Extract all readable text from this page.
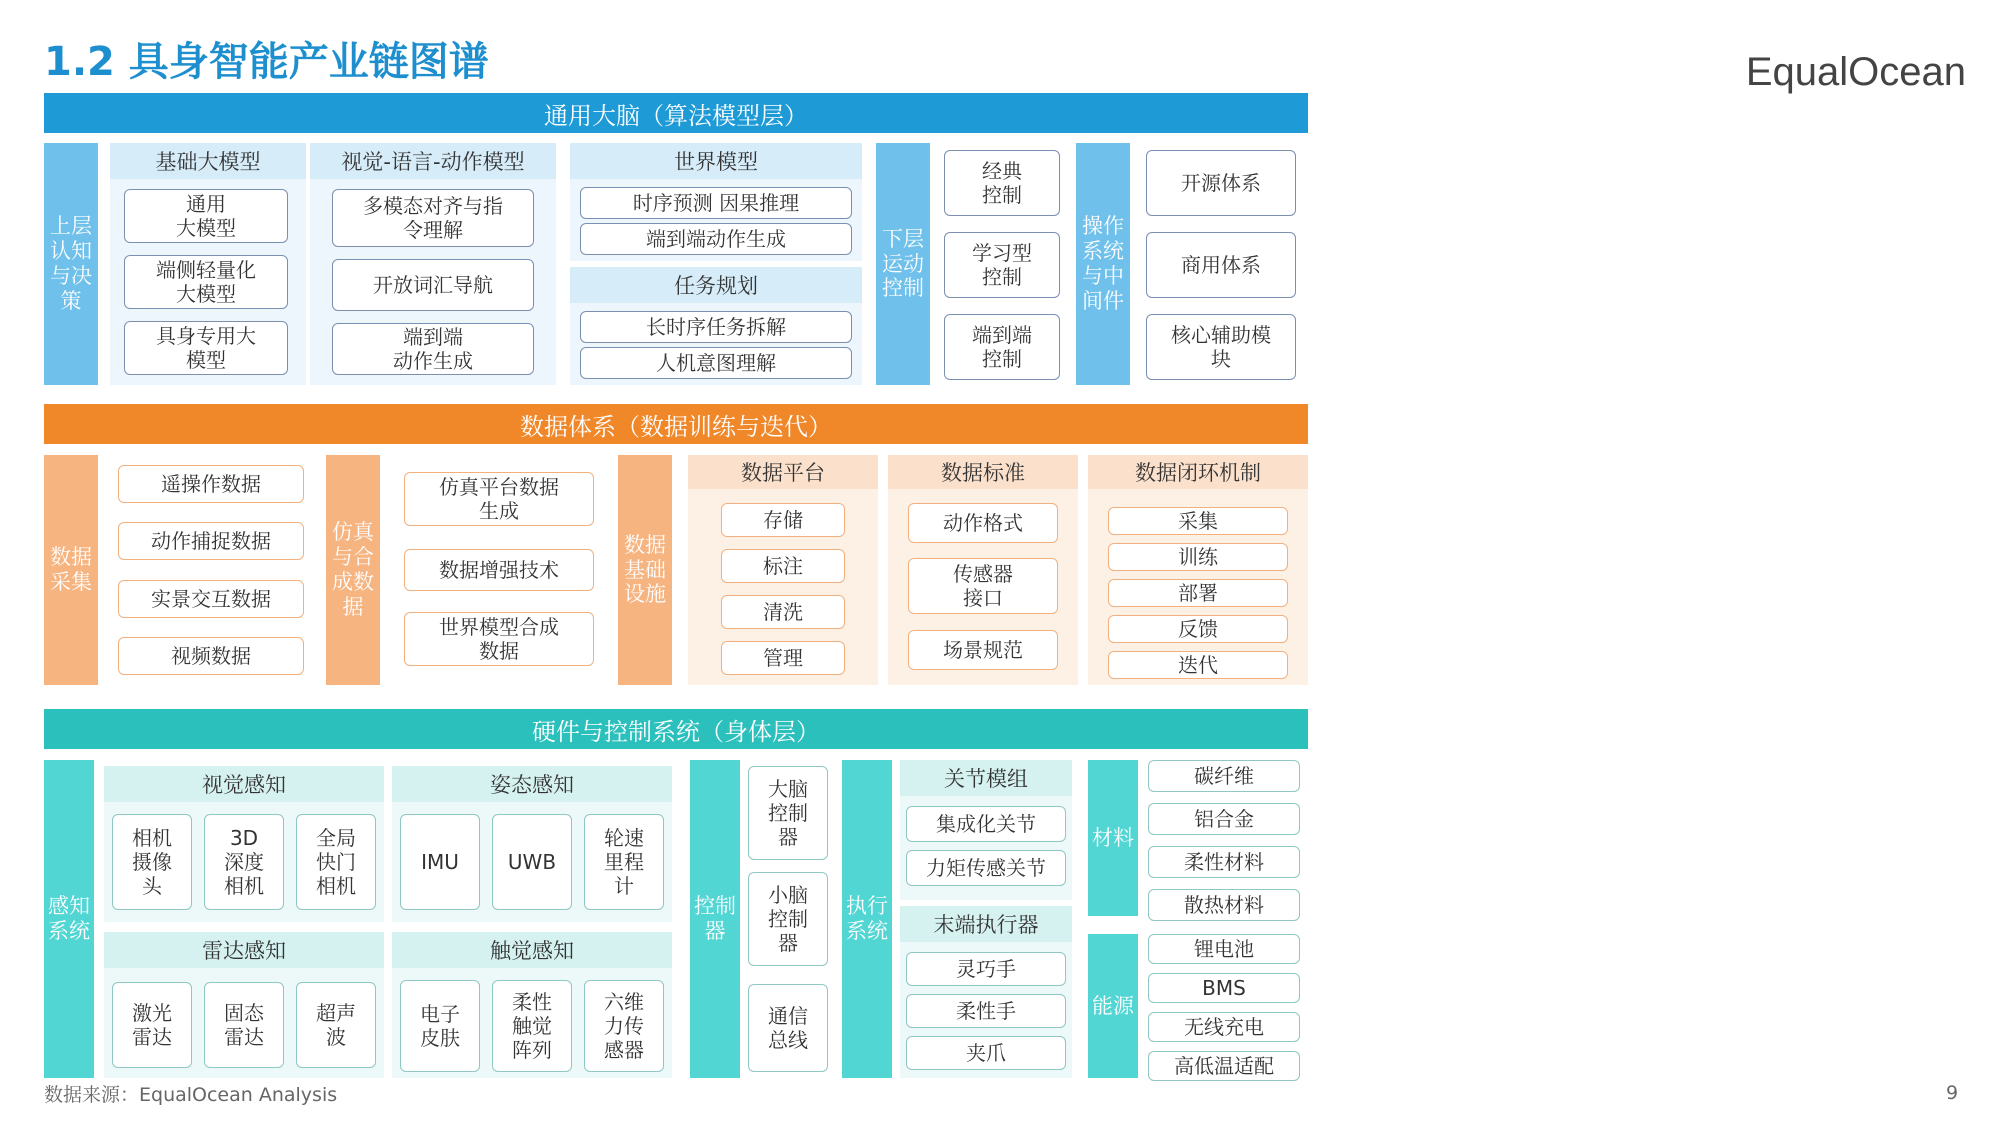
1.2 具身智能产业链图谱	EqualOcean
数据来源：EqualOcean Analysis	9
通用大脑（算法模型层）
上层认知与决策
基础大模型
通用
大模型
端侧轻量化
大模型
具身专用大
模型
视觉-语言-动作模型
多模态对齐与指
令理解
开放词汇导航
端到端
动作生成
世界模型
时序预测 因果推理
端到端动作生成
任务规划
长时序任务拆解
人机意图理解
下层运动控制
经典
控制
学习型
控制
端到端
控制
操作系统与中间件
开源体系
商用体系
核心辅助模
块
数据体系（数据训练与迭代）
数据采集
遥操作数据
动作捕捉数据
实景交互数据
视频数据
仿真与合成数据
仿真平台数据
生成
数据增强技术
世界模型合成
数据
数据基础设施
数据平台
存储
标注
清洗
管理
数据标准
动作格式
传感器
接口
场景规范
数据闭环机制
采集
训练
部署
反馈
迭代
硬件与控制系统（身体层）
感知系统
视觉感知
相机
摄像
头
3D
深度
相机
全局
快门
相机
姿态感知
IMU	UWB
轮速
里程
计
雷达感知
激光
雷达
固态
雷达
超声
波
触觉感知
电子
皮肤
柔性
触觉
阵列
六维
力传
感器
控制器
大脑
控制
器
小脑
控制
器
通信
总线
执行系统
关节模组
集成化关节
力矩传感关节
末端执行器
灵巧手
柔性手
夹爪
材料
碳纤维
铝合金
柔性材料
散热材料
能源
锂电池
BMS
无线充电
高低温适配
